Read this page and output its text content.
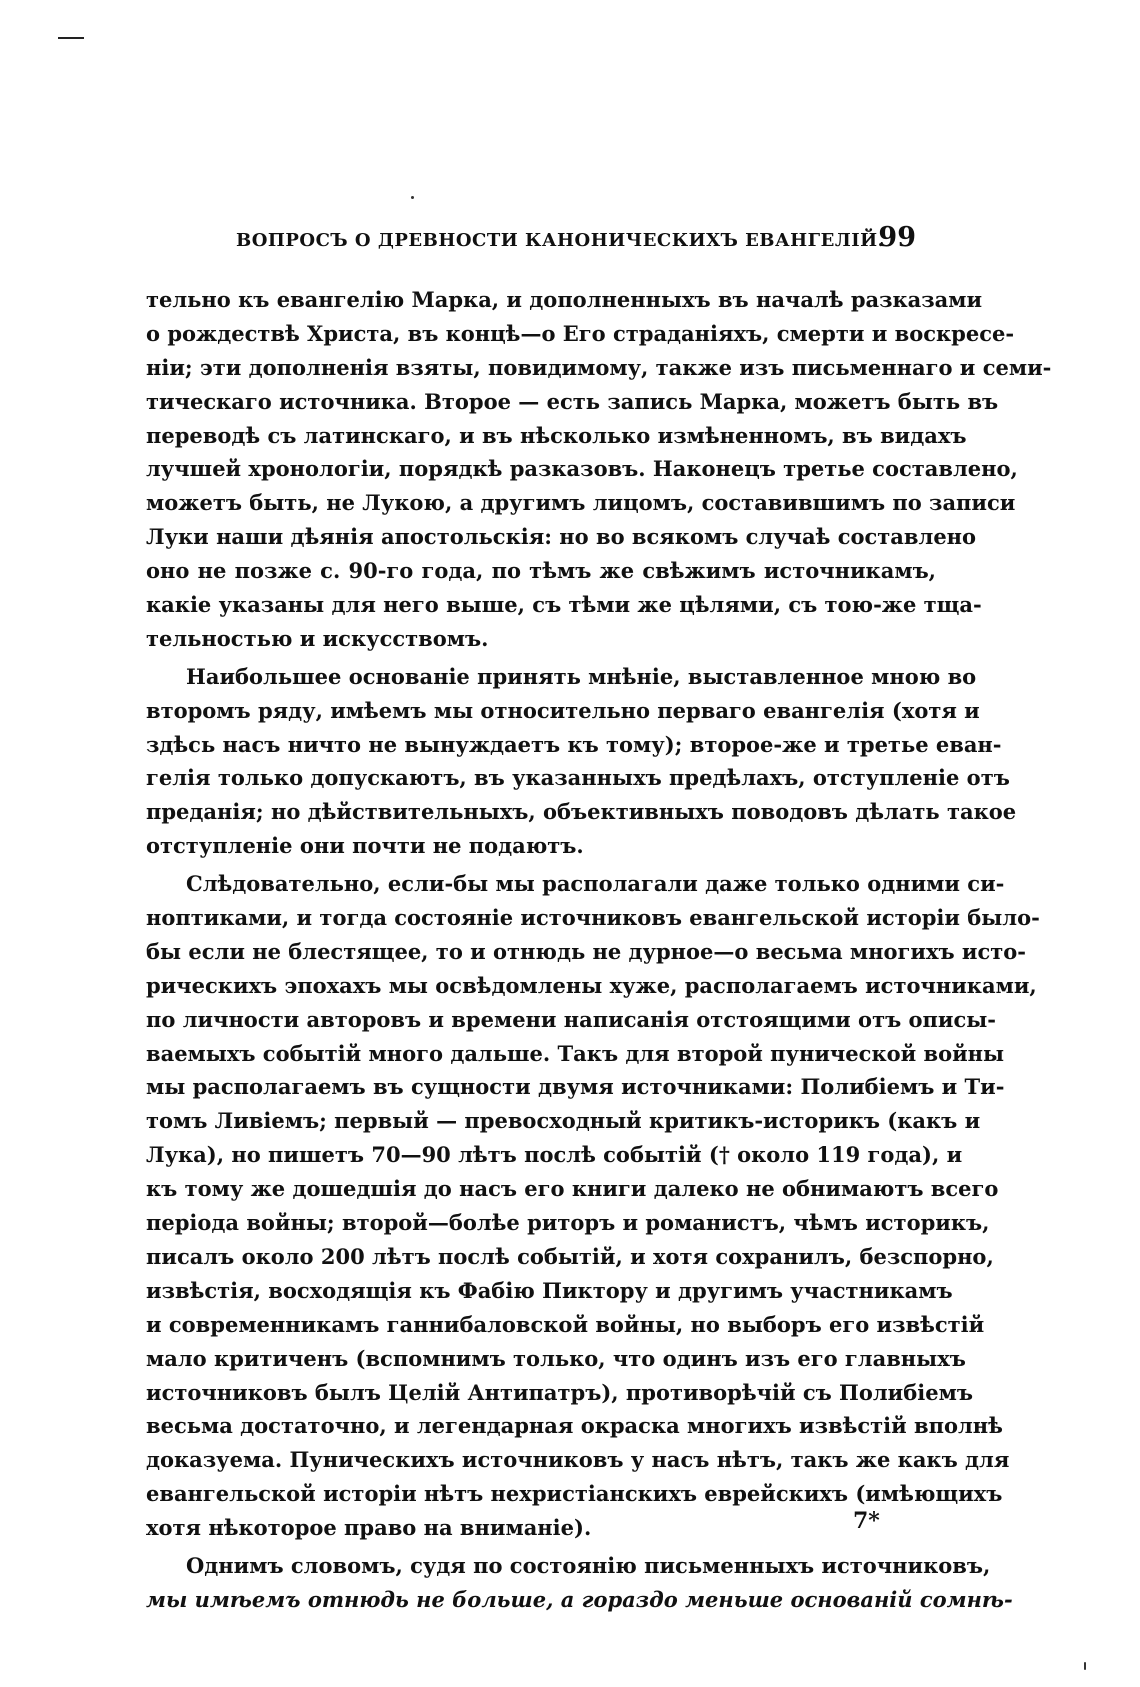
ВОПРОСЪ О ДРЕВНОСТИ КАНОНИЧЕСКИХЪ ЕВАНГЕЛІЙ.
99
тельно къ евангелію Марка, и дополненныхъ въ началѣ разказами
о рождествѣ Христа, въ концѣ—о Его страданіяхъ, смерти и воскресе-
ніи; эти дополненія взяты, повидимому, также изъ письменнаго и семи-
тическаго источника. Второе — есть запись Марка, можетъ быть въ
переводѣ съ латинскаго, и въ нѣсколько измѣненномъ, въ видахъ
лучшей хронологіи, порядкѣ разказовъ. Наконецъ третье составлено,
можетъ быть, не Лукою, а другимъ лицомъ, составившимъ по записи
Луки наши дѣянія апостольскія: но во всякомъ случаѣ составлено
оно не позже с. 90-го года, по тѣмъ же свѣжимъ источникамъ,
какіе указаны для него выше, съ тѣми же цѣлями, съ тою-же тща-
тельностью и искусствомъ.
Наибольшее основаніе принять мнѣніе, выставленное мною во
второмъ ряду, имѣемъ мы относительно перваго евангелія (хотя и
здѣсь насъ ничто не вынуждаетъ къ тому); второе-же и третье еван-
гелія только допускаютъ, въ указанныхъ предѣлахъ, отступленіе отъ
преданія; но дѣйствительныхъ, объективныхъ поводовъ дѣлать такое
отступленіе они почти не подаютъ.
Слѣдовательно, если-бы мы располагали даже только одними си-
ноптиками, и тогда состояніе источниковъ евангельской исторіи было-
бы если не блестящее, то и отнюдь не дурное—о весьма многихъ исто-
рическихъ эпохахъ мы освѣдомлены хуже, располагаемъ источниками,
по личности авторовъ и времени написанія отстоящими отъ описы-
ваемыхъ событій много дальше. Такъ для второй пунической войны
мы располагаемъ въ сущности двумя источниками: Полибіемъ и Ти-
томъ Ливіемъ; первый — превосходный критикъ-историкъ (какъ и
Лука), но пишетъ 70—90 лѣтъ послѣ событій († около 119 года), и
къ тому же дошедшія до насъ его книги далеко не обнимаютъ всего
періода войны; второй—болѣе риторъ и романистъ, чѣмъ историкъ,
писалъ около 200 лѣтъ послѣ событій, и хотя сохранилъ, безспорно,
извѣстія, восходящія къ Фабію Пиктору и другимъ участникамъ
и современникамъ ганнибаловской войны, но выборъ его извѣстій
мало критиченъ (вспомнимъ только, что одинъ изъ его главныхъ
источниковъ былъ Целій Антипатръ), противорѣчій съ Полибіемъ
весьма достаточно, и легендарная окраска многихъ извѣстій вполнѣ
доказуема. Пуническихъ источниковъ у насъ нѣтъ, такъ же какъ для
евангельской исторіи нѣтъ нехристіанскихъ еврейскихъ (имѣющихъ
хотя нѣкоторое право на вниманіе).
Однимъ словомъ, судя по состоянію письменныхъ источниковъ,
мы имѣемъ отнюдь не больше, а гораздо меньше основаній сомнѣ-
7*
